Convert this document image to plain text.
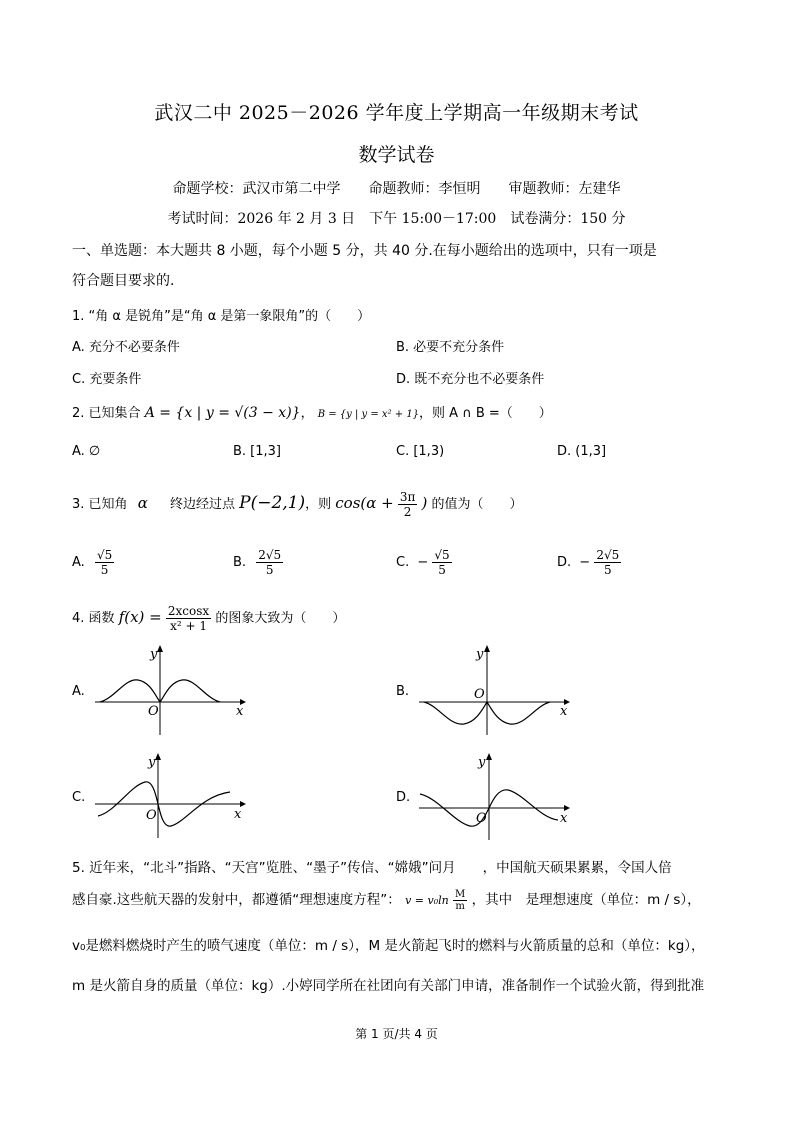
武汉二中 2025－2026 学年度上学期高一年级期末考试
数学试卷
命题学校：武汉市第二中学　　命题教师：李恒明　　审题教师：左建华
考试时间：2026 年 2 月 3 日　下午 15:00－17:00　试卷满分：150 分
一、单选题：本大题共 8 小题，每个小题 5 分，共 40 分.在每小题给出的选项中，只有一项是
符合题目要求的.
1. “角 α 是锐角”是“角 α 是第一象限角”的（　　）
A. 充分不必要条件	B. 必要不充分条件
C. 充要条件	D. 既不充分也不必要条件
2. 已知集合 A = {x | y = √(3 − x)}， B = {y | y = x² + 1}，则 A ∩ B =（　　）
A. ∅	B. [1,3]	C. [1,3)	D. (1,3]
3. 已知角 α 终边经过点 P(−2,1)，则 $\cos(\alpha + \frac{3\pi}{2}$ ) 的值为（　　）
A. $\frac{√5}{5}$	B. $\frac{2√5}{5}$	C. − $\frac{√5}{5}$	D. − $\frac{2√5}{5}$
4. 函数 $f(x) = \frac{2xcosx}{\text{x² + 1}}$ 的图象大致为（　　）
A.	B.
C.	D.
y
x
O
y
x
O
y
x
O
y
x
O
5. 近年来，“北斗”指路、“天宫”览胜、“墨子”传信、“嫦娥”问月　　，中国航天硕果累累，令国人倍
感自豪.这些航天器的发射中，都遵循“理想速度方程”： $v = v_0\ln \frac{M}{m}$ ，其中　是理想速度（单位：m / s），
v₀是燃料燃烧时产生的喷气速度（单位：m / s），M 是火箭起飞时的燃料与火箭质量的总和（单位：kg），
m 是火箭自身的质量（单位：kg）.小婷同学所在社团向有关部门申请，准备制作一个试验火箭，得到批准
第 1 页/共 4 页
